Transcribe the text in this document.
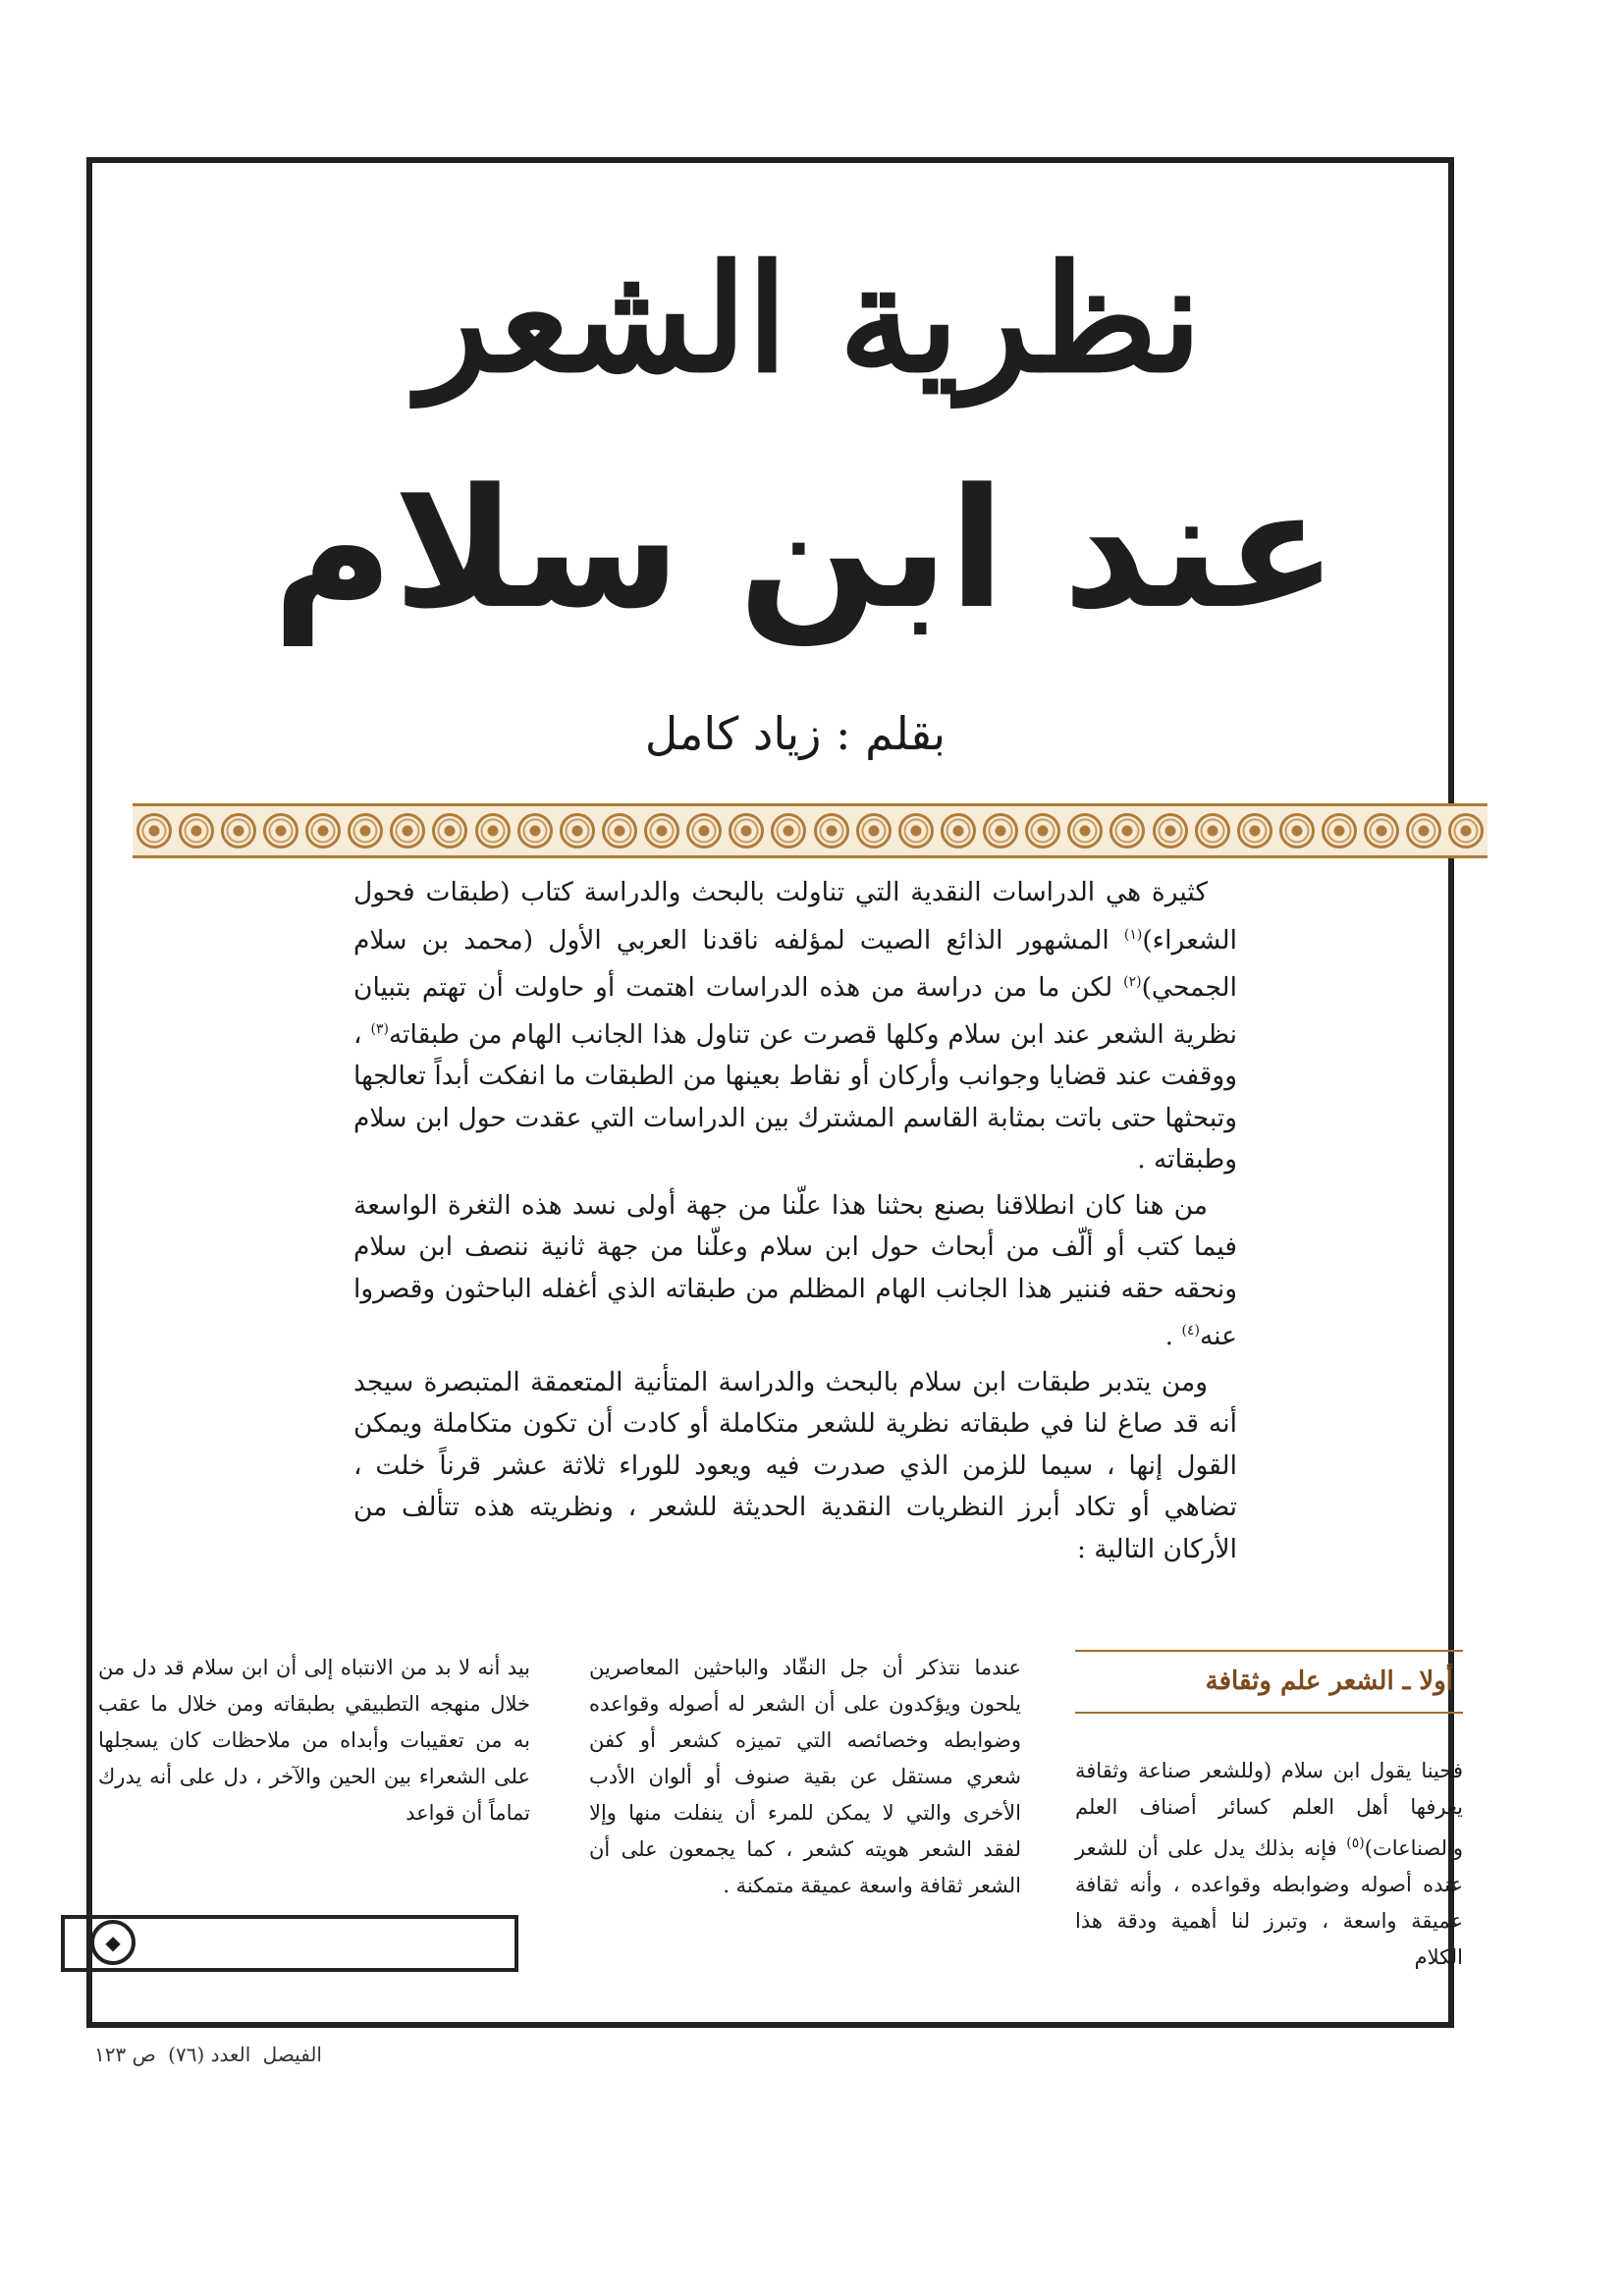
نظرية الشعر
عند ابن سلام
بقلم : زياد كامل

كثيرة هي الدراسات النقدية التي تناولت بالبحث والدراسة كتاب (طبقات فحول الشعراء)$^{(١)}$ المشهور الذائع الصيت لمؤلفه ناقدنا العربي الأول (محمد بن سلام الجمحي)$^{(٢)}$ لكن ما من دراسة من هذه الدراسات اهتمت أو حاولت أن تهتم بتبيان نظرية الشعر عند ابن سلام وكلها قصرت عن تناول هذا الجانب الهام من طبقاته$^{(٣)}$ ، ووقفت عند قضايا وجوانب وأركان أو نقاط بعينها من الطبقات ما انفكت أبداً تعالجها وتبحثها حتى باتت بمثابة القاسم المشترك بين الدراسات التي عقدت حول ابن سلام وطبقاته .

من هنا كان انطلاقنا بصنع بحثنا هذا علّنا من جهة أولى نسد هذه الثغرة الواسعة فيما كتب أو ألّف من أبحاث حول ابن سلام وعلّنا من جهة ثانية ننصف ابن سلام ونحقه حقه فننير هذا الجانب الهام المظلم من طبقاته الذي أغفله الباحثون وقصروا عنه$^{(٤)}$ .

ومن يتدبر طبقات ابن سلام بالبحث والدراسة المتأنية المتعمقة المتبصرة سيجد أنه قد صاغ لنا في طبقاته نظرية للشعر متكاملة أو كادت أن تكون متكاملة ويمكن القول إنها ، سيما للزمن الذي صدرت فيه ويعود للوراء ثلاثة عشر قرناً خلت ، تضاهي أو تكاد أبرز النظريات النقدية الحديثة للشعر ، ونظريته هذه تتألف من الأركان التالية :

أولا ـ الشعر علم وثقافة

فحينا يقول ابن سلام (وللشعر صناعة وثقافة يعرفها أهل العلم كسائر أصناف العلم والصناعات)$^{(٥)}$ فإنه بذلك يدل على أن للشعر عنده أصوله وضوابطه وقواعده ، وأنه ثقافة عميقة واسعة ، وتبرز لنا أهمية ودقة هذا الكلام

عندما نتذكر أن جل النقّاد والباحثين المعاصرين يلحون ويؤكدون على أن الشعر له أصوله وقواعده وضوابطه وخصائصه التي تميزه كشعر أو كفن شعري مستقل عن بقية صنوف أو ألوان الأدب الأخرى والتي لا يمكن للمرء أن ينفلت منها وإلا لفقد الشعر هويته كشعر ، كما يجمعون على أن الشعر ثقافة واسعة عميقة متمكنة .

بيد أنه لا بد من الانتباه إلى أن ابن سلام قد دل من خلال منهجه التطبيقي بطبقاته ومن خلال ما عقب به من تعقيبات وأبداه من ملاحظات كان يسجلها على الشعراء بين الحين والآخر ، دل على أنه يدرك تماماً أن قواعد

◆
الفيصل العدد (٧٦) ص ١٢٣
